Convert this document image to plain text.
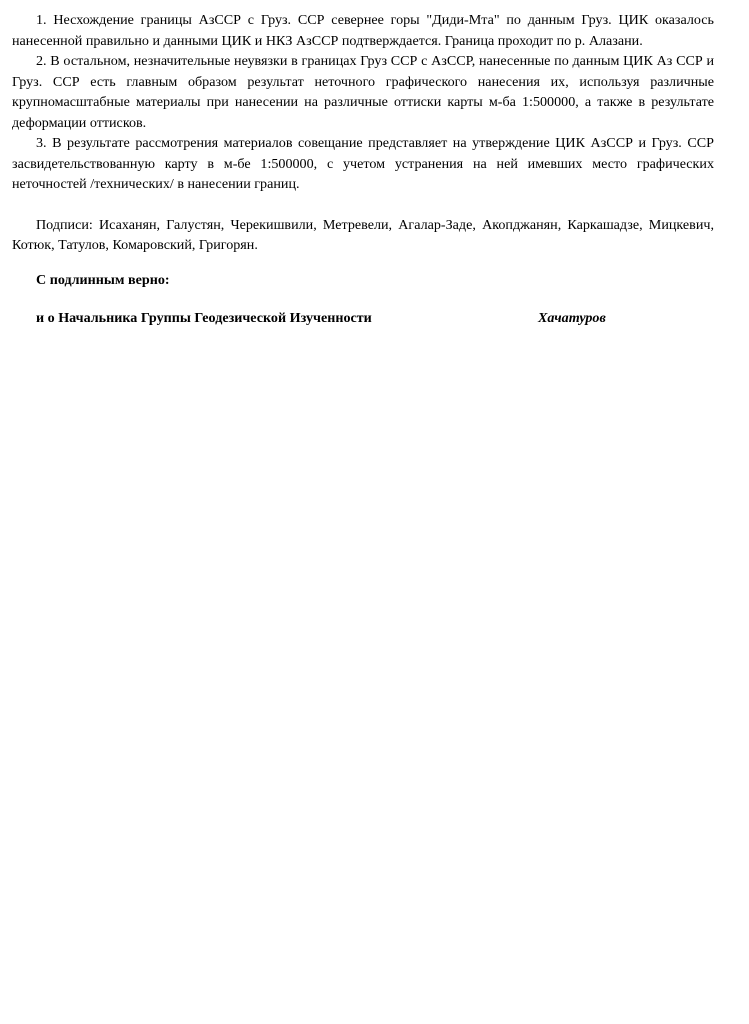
1. Несхождение границы АзССР с Груз. ССР севернее горы "Диди-Мта" по данным Груз. ЦИК оказалось нанесенной правильно и данными ЦИК и НКЗ АзССР подтверждается. Граница проходит по р. Алазани.

2. В остальном, незначительные неувязки в границах Груз ССР с АзССР, нанесенные по данным ЦИК Аз ССР и Груз. ССР есть главным образом результат неточного графического нанесения их, используя различные крупномасштабные материалы при нанесении на различные оттиски карты м-ба 1:500000, а также в результате деформации оттисков.

3. В результате рассмотрения материалов совещание представляет на утверждение ЦИК АзССР и Груз. ССР засвидетельствованную карту в м-бе 1:500000, с учетом устранения на ней имевших место графических неточностей /технических/ в нанесении границ.

Подписи: Исаханян, Галустян, Черекишвили, Метревели, Агалар-Заде, Акопджанян, Каркашадзе, Мицкевич, Котюк, Татулов, Комаровский, Григорян.

С подлинным верно:

и о Начальника Группы Геодезической Изученности	Хачатуров
